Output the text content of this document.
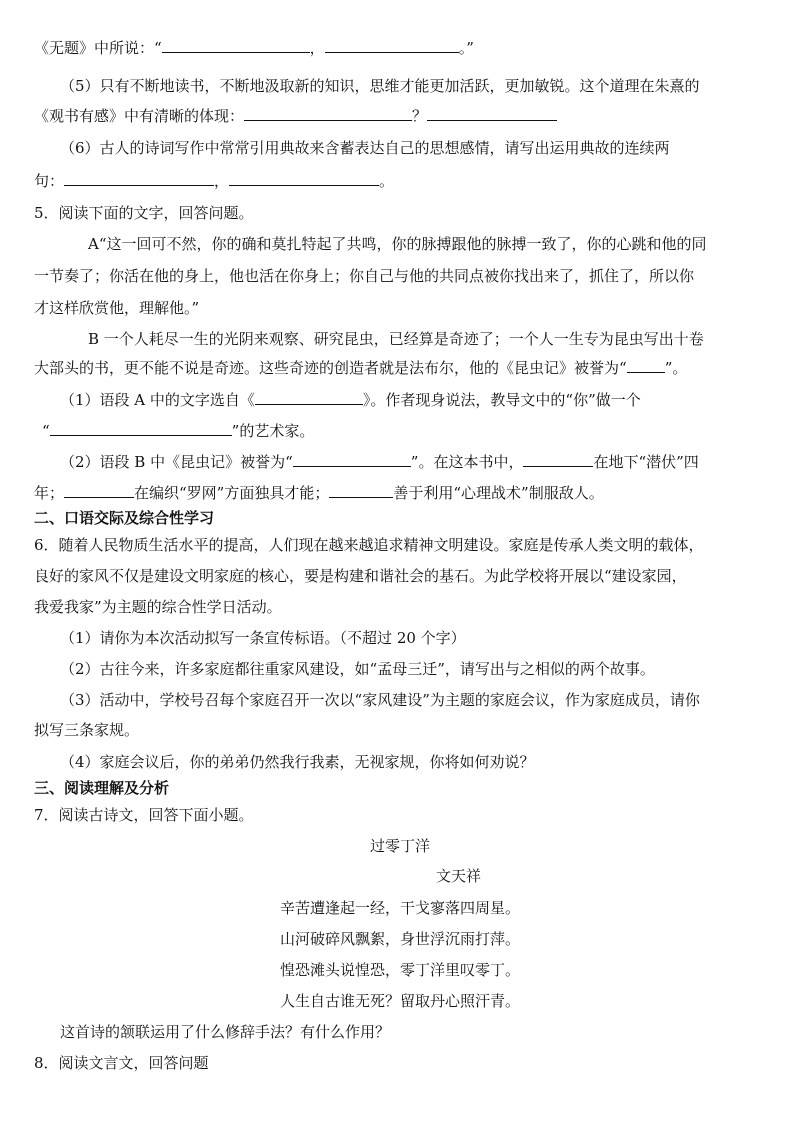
《无题》中所说：“	，	。”
（5）只有不断地读书，不断地汲取新的知识，思维才能更加活跃，更加敏锐。这个道理在朱熹的
《观书有感》中有清晰的体现：	？
（6）古人的诗词写作中常常引用典故来含蓄表达自己的思想感情，请写出运用典故的连续两
句：	，	。
5．阅读下面的文字，回答问题。
A“这一回可不然，你的确和莫扎特起了共鸣，你的脉搏跟他的脉搏一致了，你的心跳和他的同
一节奏了；你活在他的身上，他也活在你身上；你自己与他的共同点被你找出来了，抓住了，所以你
才这样欣赏他，理解他。”
B 一个人耗尽一生的光阴来观察、研究昆虫，已经算是奇迹了；一个人一生专为昆虫写出十卷
大部头的书，更不能不说是奇迹。这些奇迹的创造者就是法布尔，他的《昆虫记》被誉为“	”。
（1）语段 A 中的文字选自《	》。作者现身说法，教导文中的“你”做一个
“	”的艺术家。
（2）语段 B 中《昆虫记》被誉为“	”。在这本书中，	在地下“潜伏”四
年；	在编织“罗网”方面独具才能；	善于利用“心理战术”制服敌人。
二、口语交际及综合性学习
6．随着人民物质生活水平的提高，人们现在越来越追求精神文明建设。家庭是传承人类文明的载体，
良好的家风不仅是建设文明家庭的核心，要是构建和谐社会的基石。为此学校将开展以“建设家园，
我爱我家”为主题的综合性学日活动。
（1）请你为本次活动拟写一条宣传标语。（不超过 20 个字）
（2）古往今来，许多家庭都往重家风建设，如“孟母三迁”，请写出与之相似的两个故事。
（3）活动中，学校号召每个家庭召开一次以“家风建设”为主题的家庭会议，作为家庭成员，请你
拟写三条家规。
（4）家庭会议后，你的弟弟仍然我行我素，无视家规，你将如何劝说？
三、阅读理解及分析
7．阅读古诗文，回答下面小题。
过零丁洋
文天祥
辛苦遭逢起一经，干戈寥落四周星。
山河破碎风飘絮，身世浮沉雨打萍。
惶恐滩头说惶恐，零丁洋里叹零丁。
人生自古谁无死？留取丹心照汗青。
这首诗的颔联运用了什么修辞手法？有什么作用？
8．阅读文言文，回答问题
